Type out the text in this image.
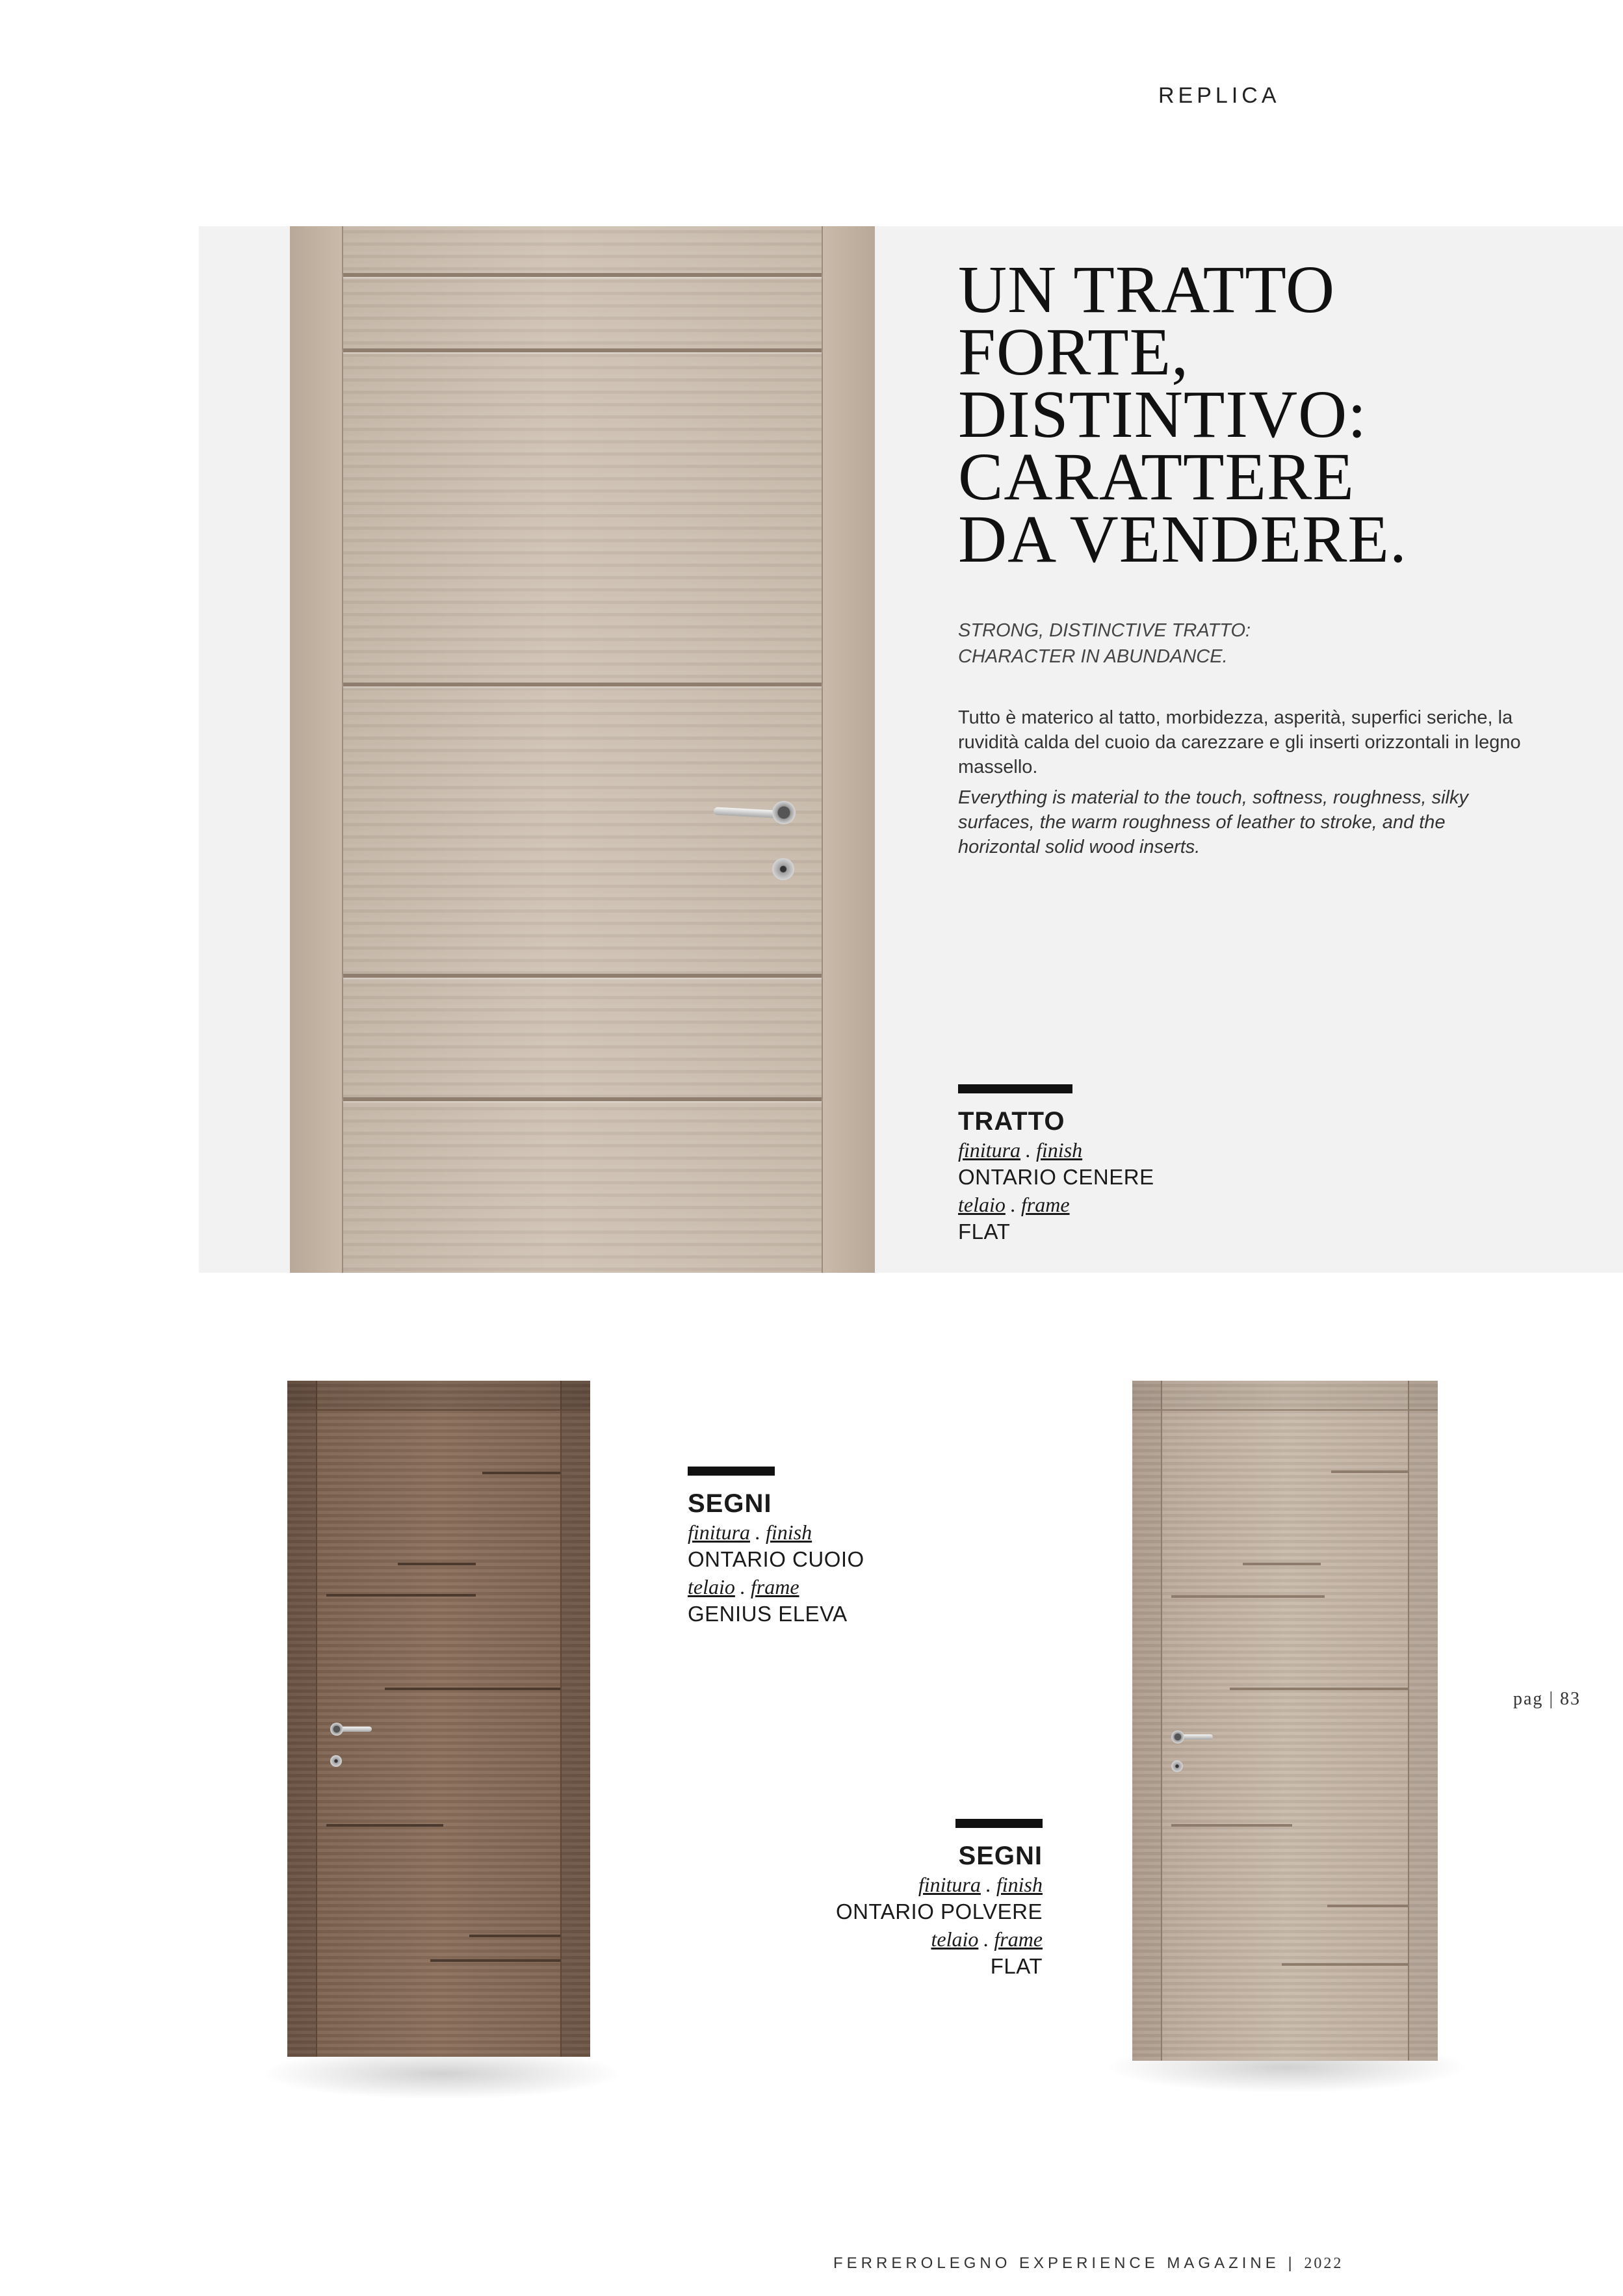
REPLICA
UN TRATTO
FORTE,
DISTINTIVO:
CARATTERE
DA VENDERE.
STRONG, DISTINCTIVE TRATTO:
CHARACTER IN ABUNDANCE.
Tutto è materico al tatto, morbidezza, asperità, superfici seriche, la ruvidità calda del cuoio da carezzare e gli inserti orizzontali in legno massello.
Everything is material to the touch, softness, roughness, silky surfaces, the warm roughness of leather to stroke, and the horizontal solid wood inserts.
TRATTO
finitura . finish
ONTARIO CENERE
telaio . frame
FLAT
SEGNI
finitura . finish
ONTARIO CUOIO
telaio . frame
GENIUS ELEVA
SEGNI
finitura . finish
ONTARIO POLVERE
telaio . frame
FLAT
pag | 83
FERREROLEGNO EXPERIENCE MAGAZINE | 2022
